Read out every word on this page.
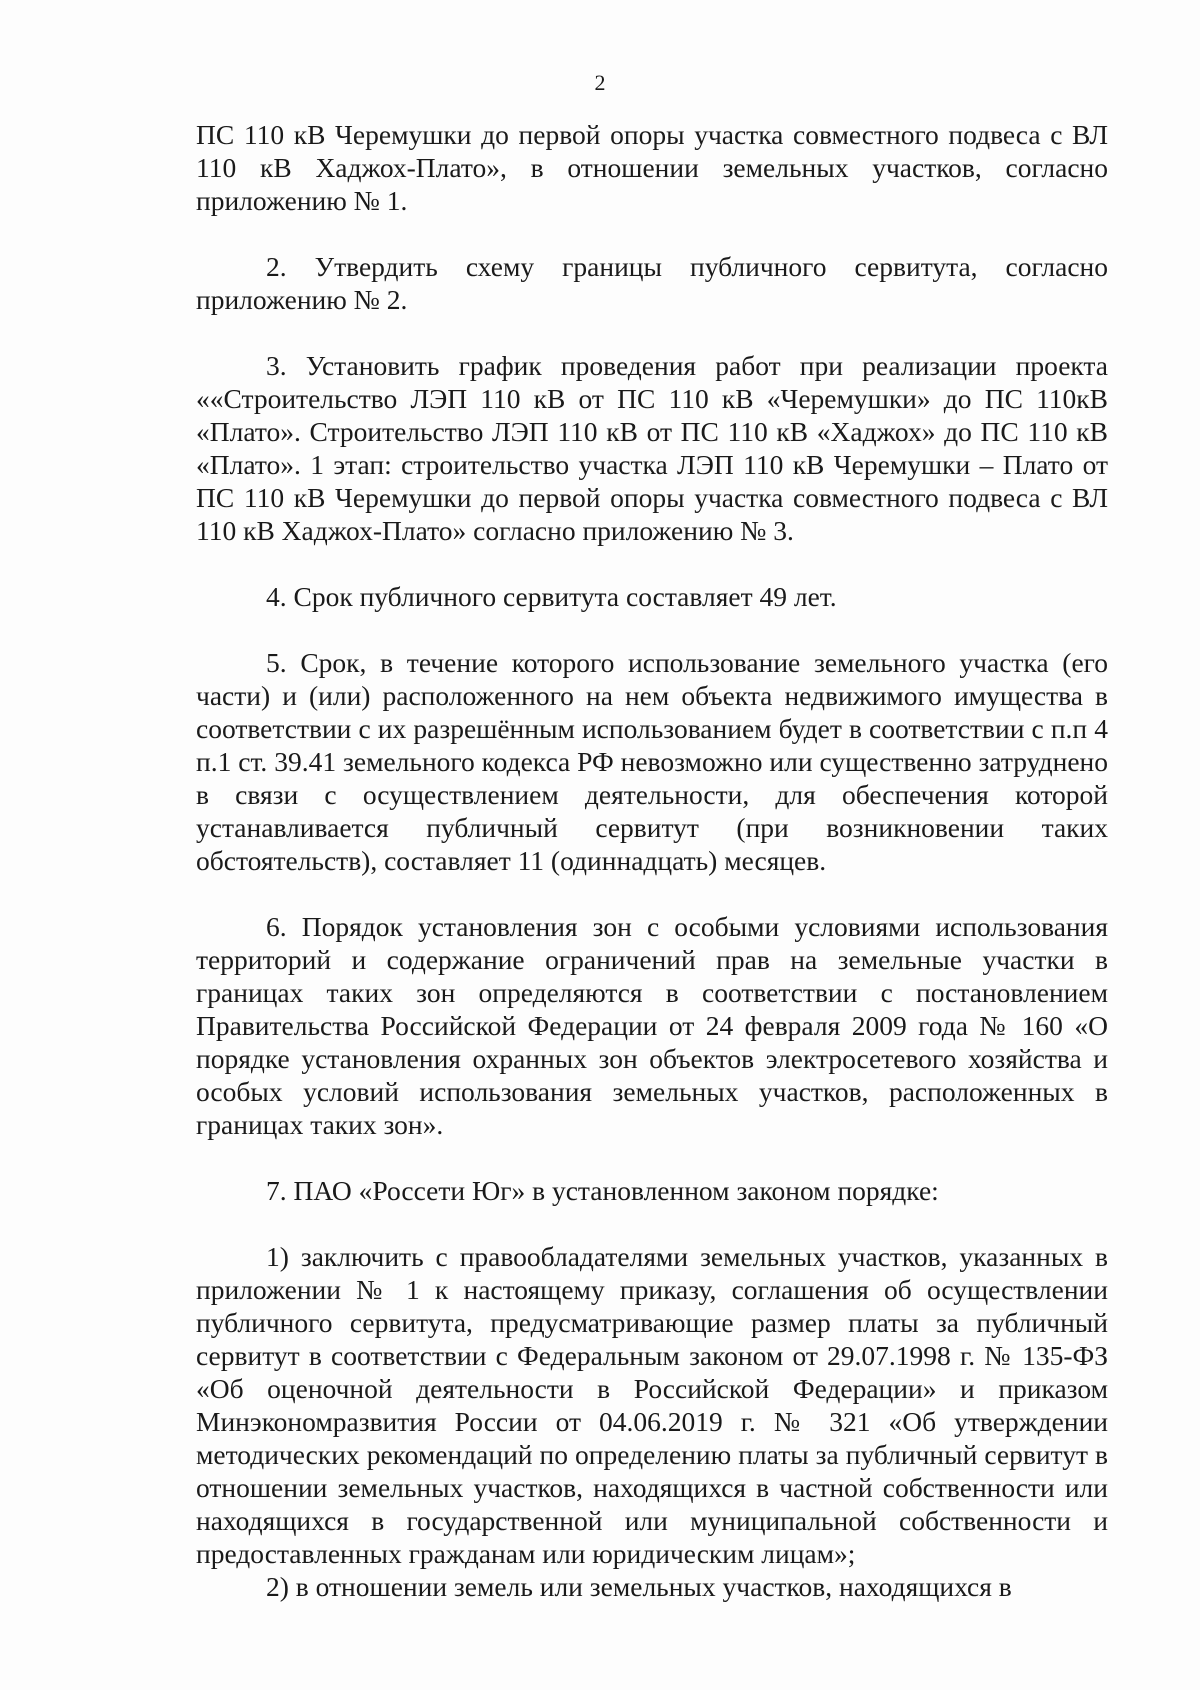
2

ПС 110 кВ Черемушки до первой опоры участка совместного подвеса с ВЛ 110 кВ Хаджох-Плато», в отношении земельных участков, согласно приложению № 1.

2. Утвердить схему границы публичного сервитута, согласно приложению № 2.

3. Установить график проведения работ при реализации проекта ««Строительство ЛЭП 110 кВ от ПС 110 кВ «Черемушки» до ПС 110кВ «Плато». Строительство ЛЭП 110 кВ от ПС 110 кВ «Хаджох» до ПС 110 кВ «Плато». 1 этап: строительство участка ЛЭП 110 кВ Черемушки – Плато от ПС 110 кВ Черемушки до первой опоры участка совместного подвеса с ВЛ 110 кВ Хаджох-Плато» согласно приложению № 3.

4. Срок публичного сервитута составляет 49 лет.

5. Срок, в течение которого использование земельного участка (его части) и (или) расположенного на нем объекта недвижимого имущества в соответствии с их разрешённым использованием будет в соответствии с п.п 4 п.1 ст. 39.41 земельного кодекса РФ невозможно или существенно затруднено в связи с осуществлением деятельности, для обеспечения которой устанавливается публичный сервитут (при возникновении таких обстоятельств), составляет 11 (одиннадцать) месяцев.

6. Порядок установления зон с особыми условиями использования территорий и содержание ограничений прав на земельные участки в границах таких зон определяются в соответствии с постановлением Правительства Российской Федерации от 24 февраля 2009 года № 160 «О порядке установления охранных зон объектов электросетевого хозяйства и особых условий использования земельных участков, расположенных в границах таких зон».

7. ПАО «Россети Юг» в установленном законом порядке:

1) заключить с правообладателями земельных участков, указанных в приложении № 1 к настоящему приказу, соглашения об осуществлении публичного сервитута, предусматривающие размер платы за публичный сервитут в соответствии с Федеральным законом от 29.07.1998 г. № 135-ФЗ «Об оценочной деятельности в Российской Федерации» и приказом Минэкономразвития России от 04.06.2019 г. № 321 «Об утверждении методических рекомендаций по определению платы за публичный сервитут в отношении земельных участков, находящихся в частной собственности или находящихся в государственной или муниципальной собственности и предоставленных гражданам или юридическим лицам»;

2) в отношении земель или земельных участков, находящихся в
